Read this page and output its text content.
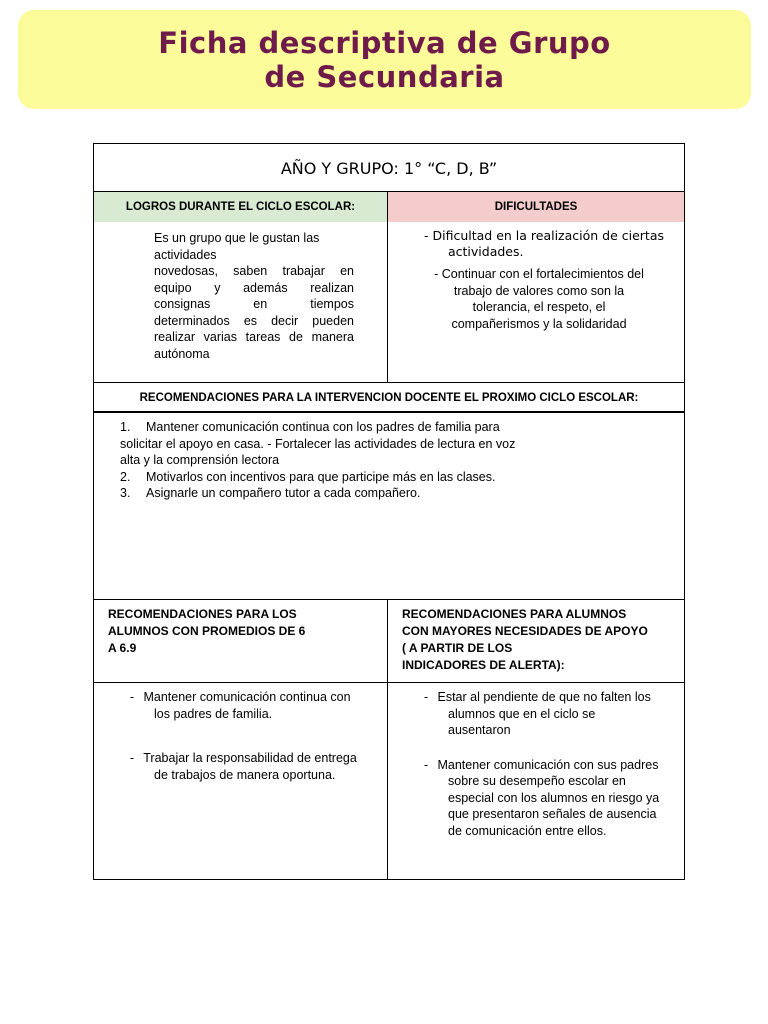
Ficha descriptiva de Grupo
de Secundaria
AÑO Y GRUPO: 1° “C, D, B”
LOGROS DURANTE EL CICLO ESCOLAR:	DIFICULTADES
Es un grupo que le gustan las actividades
novedosas, saben trabajar en equipo y además realizan consignas en tiempos determinados es decir pueden realizar varias tareas de manera autónoma
- Dificultad en la realización de ciertas
actividades.
- Continuar con el fortalecimientos del
trabajo de valores como son la
tolerancia, el respeto, el
compañerismos y la solidaridad
RECOMENDACIONES PARA LA INTERVENCION DOCENTE EL PROXIMO CICLO ESCOLAR:
1. Mantener comunicación continua con los padres de familia para
solicitar el apoyo en casa. - Fortalecer las actividades de lectura en voz
alta y la comprensión lectora
2. Motivarlos con incentivos para que participe más en las clases.
3. Asignarle un compañero tutor a cada compañero.
RECOMENDACIONES PARA LOS
ALUMNOS CON PROMEDIOS DE 6
A 6.9
RECOMENDACIONES PARA ALUMNOS
CON MAYORES NECESIDADES DE APOYO
( A PARTIR DE LOS
INDICADORES DE ALERTA):
- Mantener comunicación continua con
los padres de familia.
- Trabajar la responsabilidad de entrega
de trabajos de manera oportuna.
- Estar al pendiente de que no falten los
alumnos que en el ciclo se
ausentaron
- Mantener comunicación con sus padres
sobre su desempeño escolar en
especial con los alumnos en riesgo ya
que presentaron señales de ausencia
de comunicación entre ellos.
